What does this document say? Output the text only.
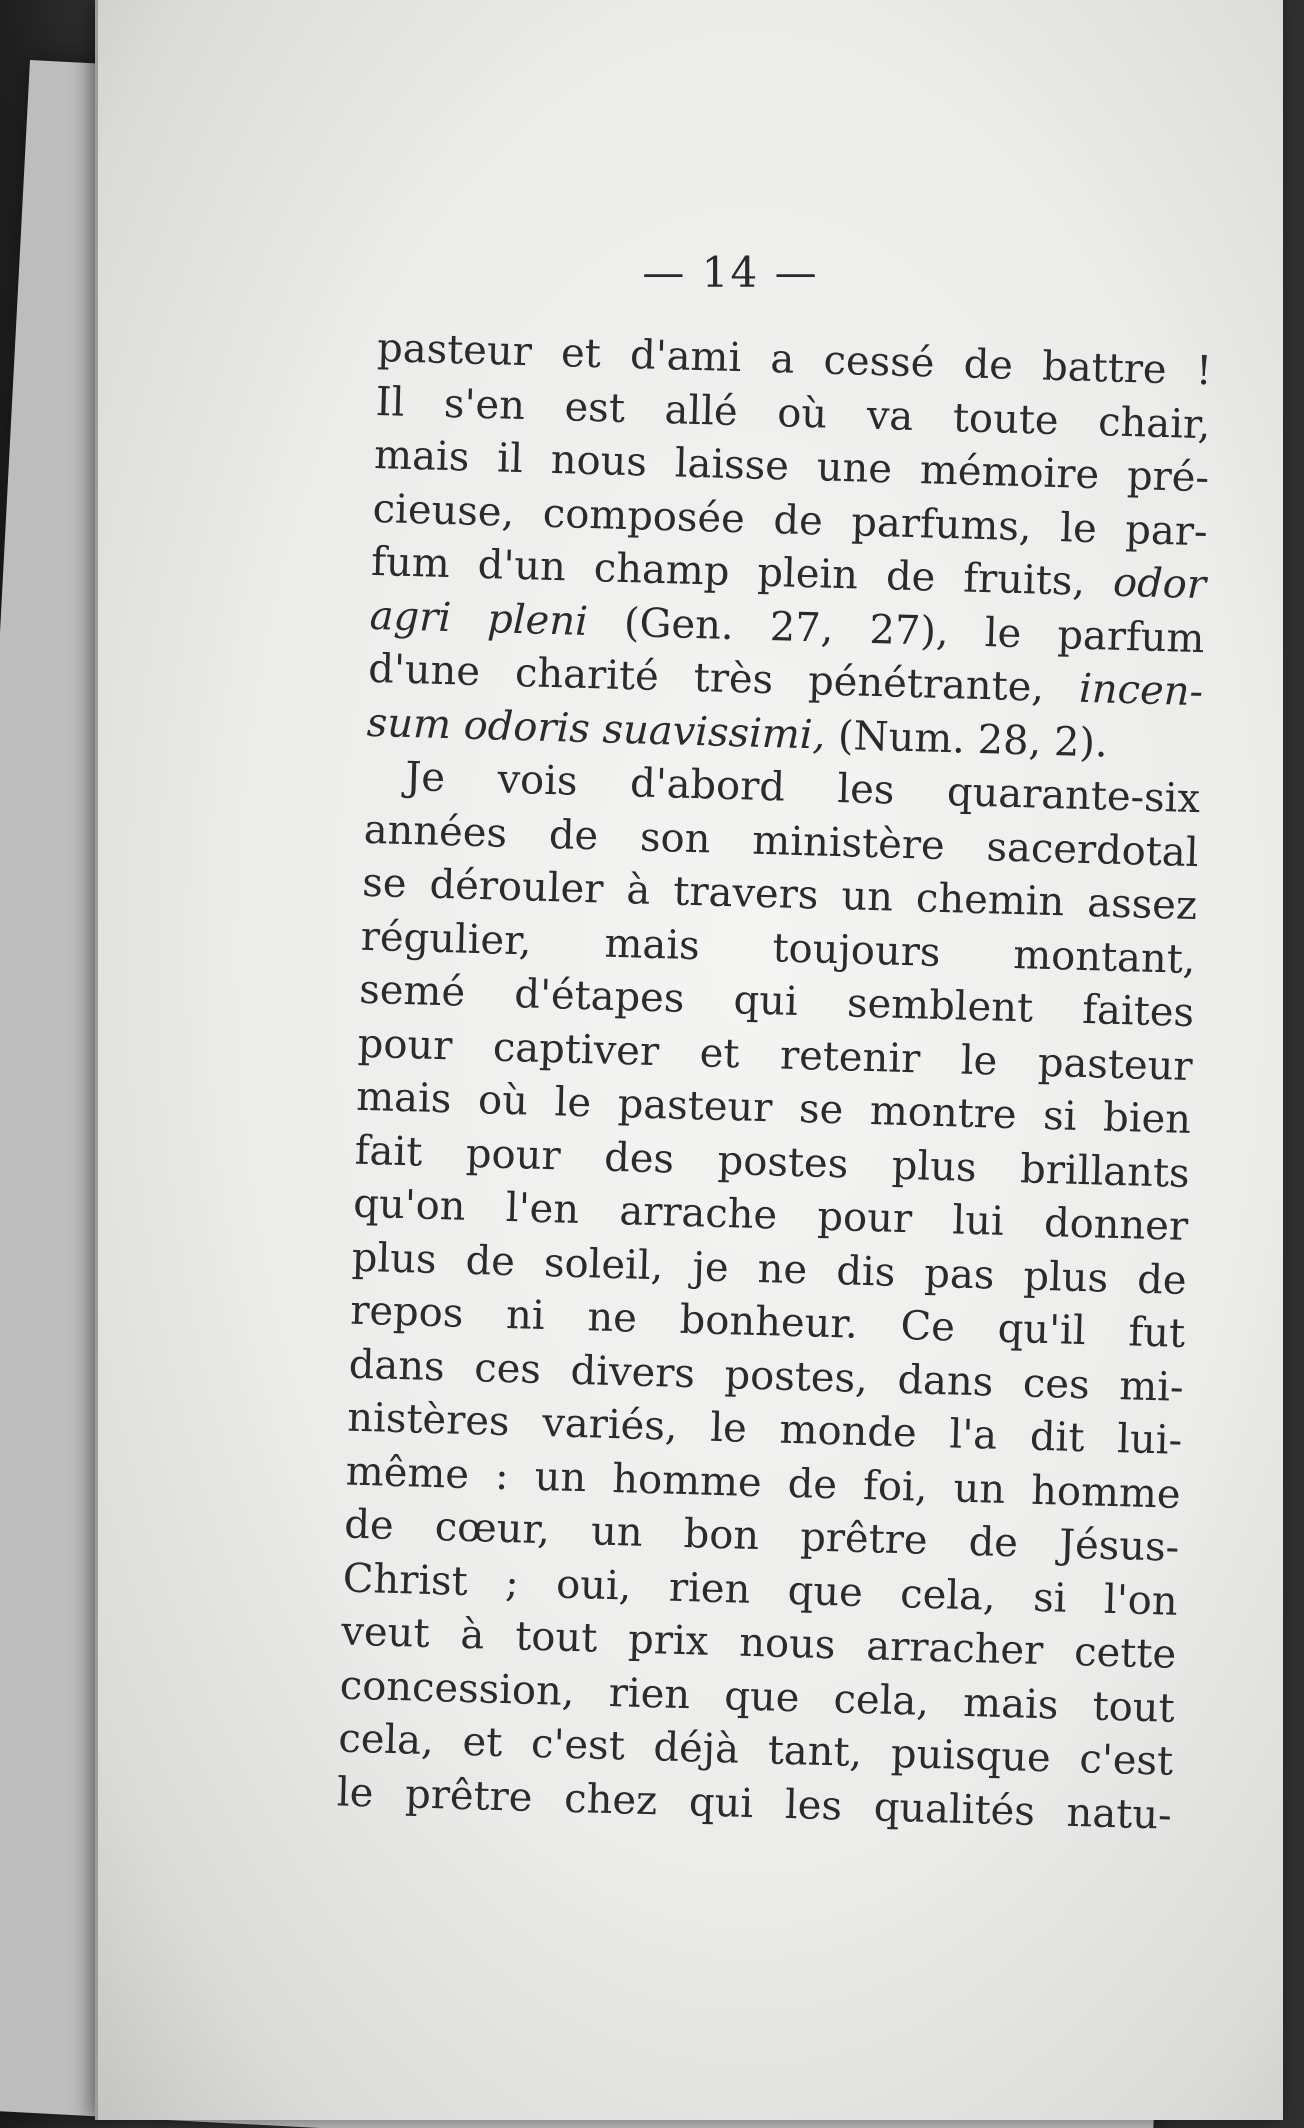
— 14 —
pasteur et d'ami a cessé de battre !
Il s'en est allé où va toute chair,
mais il nous laisse une mémoire pré-
cieuse, composée de parfums, le par-
fum d'un champ plein de fruits, odor
agri pleni (Gen. 27, 27), le parfum
d'une charité très pénétrante, incen-
sum odoris suavissimi, (Num. 28, 2).
Je vois d'abord les quarante-six
années de son ministère sacerdotal
se dérouler à travers un chemin assez
régulier, mais toujours montant,
semé d'étapes qui semblent faites
pour captiver et retenir le pasteur
mais où le pasteur se montre si bien
fait pour des postes plus brillants
qu'on l'en arrache pour lui donner
plus de soleil, je ne dis pas plus de
repos ni ne bonheur. Ce qu'il fut
dans ces divers postes, dans ces mi-
nistères variés, le monde l'a dit lui-
même : un homme de foi, un homme
de cœur, un bon prêtre de Jésus-
Christ ; oui, rien que cela, si l'on
veut à tout prix nous arracher cette
concession, rien que cela, mais tout
cela, et c'est déjà tant, puisque c'est
le prêtre chez qui les qualités natu-
